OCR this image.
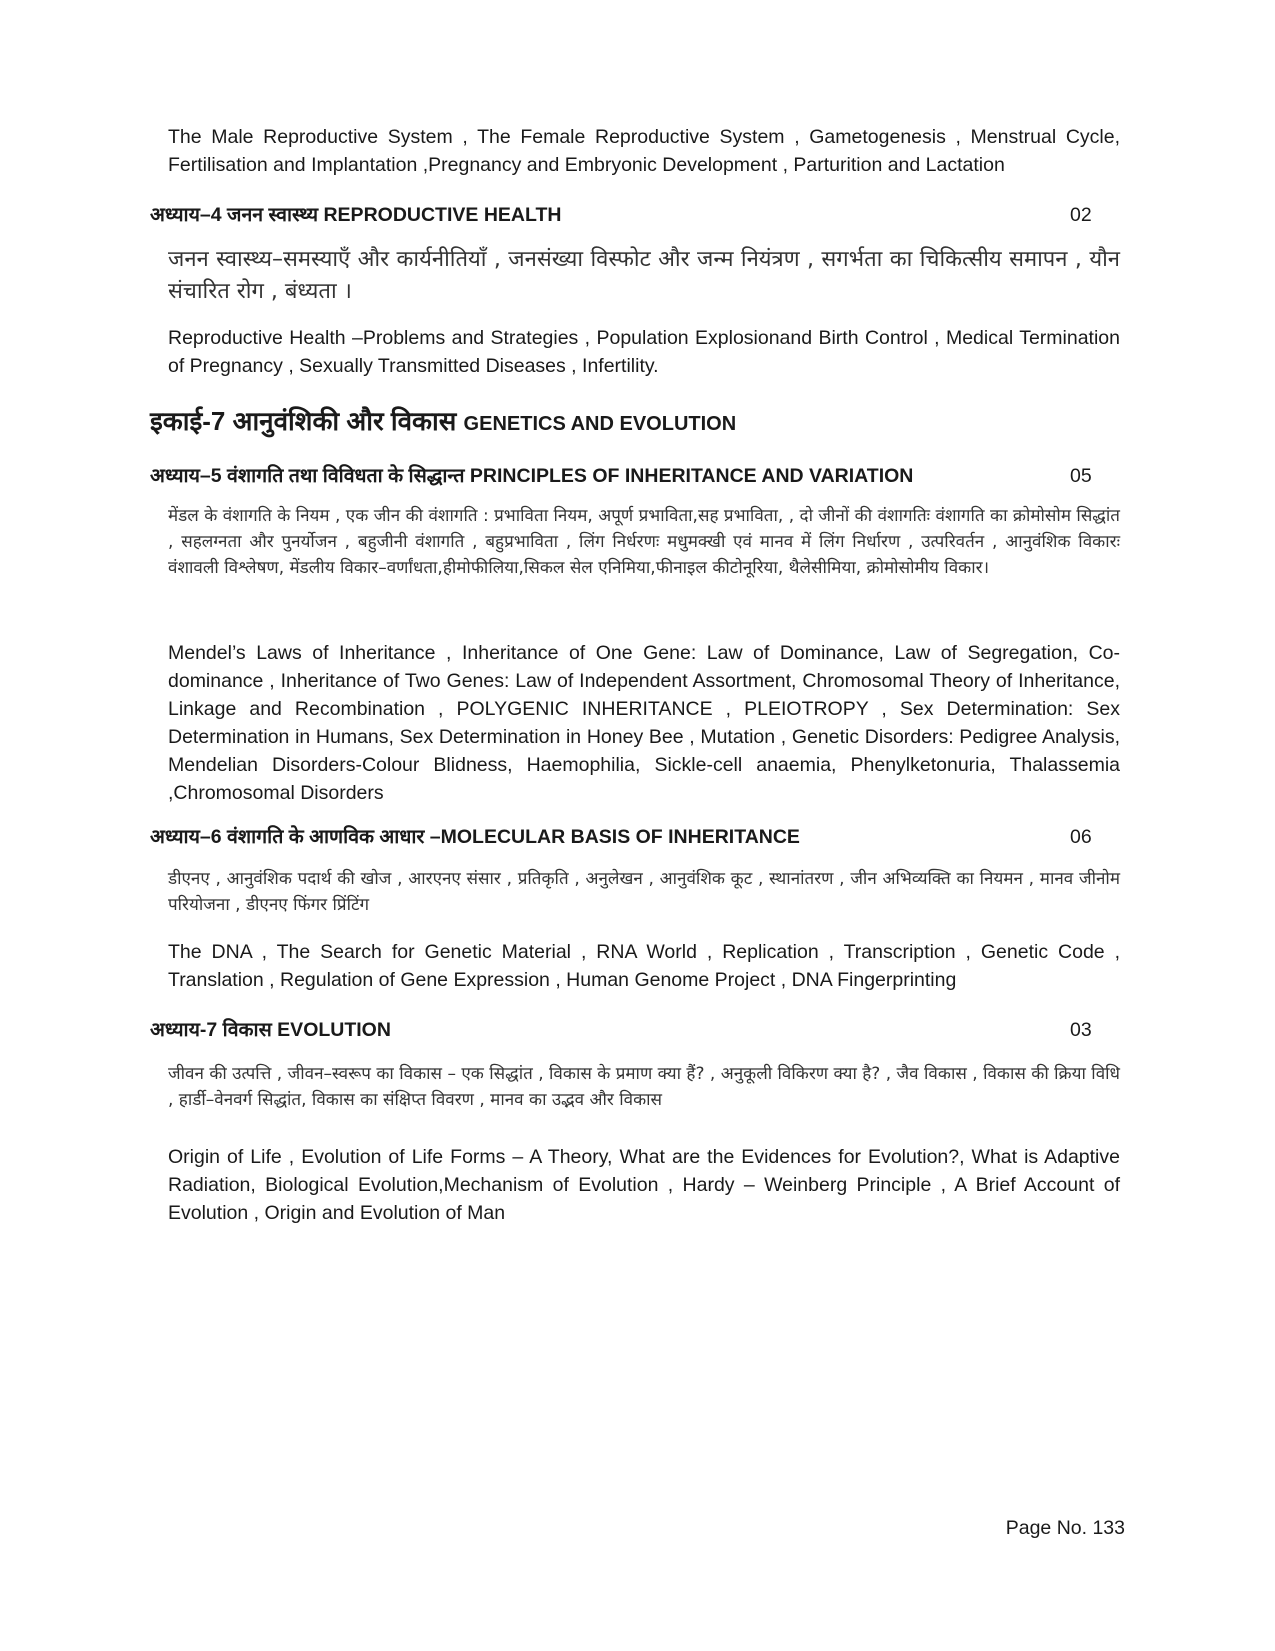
The Male Reproductive System , The Female Reproductive System , Gametogenesis , Menstrual Cycle, Fertilisation and Implantation ,Pregnancy and Embryonic Development , Parturition and Lactation

अध्याय–4 जनन स्वास्थ्य REPRODUCTIVE HEALTH	02

जनन स्वास्थ्य–समस्याएँ और कार्यनीतियाँ , जनसंख्या विस्फोट और जन्म नियंत्रण , सगर्भता का चिकित्सीय समापन , यौन संचारित रोग , बंध्यता ।

Reproductive Health –Problems and Strategies , Population Explosionand Birth Control , Medical Termination of Pregnancy , Sexually Transmitted Diseases , Infertility.

इकाई-7 आनुवंशिकी और विकास GENETICS AND EVOLUTION
अध्याय–5 वंशागति तथा विविधता के सिद्धान्त PRINCIPLES OF INHERITANCE AND VARIATION	05

मेंडल के वंशागति के नियम , एक जीन की वंशागति : प्रभाविता नियम, अपूर्ण प्रभाविता,सह प्रभाविता, , दो जीनों की वंशागतिः वंशागति का क्रोमोसोम सिद्धांत , सहलग्नता और पुनर्योजन , बहुजीनी वंशागति , बहुप्रभाविता , लिंग निर्धरणः मधुमक्खी एवं मानव में लिंग निर्धारण , उत्परिवर्तन , आनुवंशिक विकारः वंशावली विश्लेषण, मेंडलीय विकार–वर्णांधता,हीमोफीलिया,सिकल सेल एनिमिया,फीनाइल कीटोनूरिया, थैलेसीमिया, क्रोमोसोमीय विकार।

Mendel’s Laws of Inheritance , Inheritance of One Gene: Law of Dominance, Law of Segregation, Co-dominance , Inheritance of Two Genes: Law of Independent Assortment, Chromosomal Theory of Inheritance, Linkage and Recombination , POLYGENIC INHERITANCE , PLEIOTROPY , Sex Determination: Sex Determination in Humans, Sex Determination in Honey Bee , Mutation , Genetic Disorders: Pedigree Analysis, Mendelian Disorders-Colour Blidness, Haemophilia, Sickle-cell anaemia, Phenylketonuria, Thalassemia ,Chromosomal Disorders

अध्याय–6 वंशागति के आणविक आधार –MOLECULAR BASIS OF INHERITANCE	06

डीएनए , आनुवंशिक पदार्थ की खोज , आरएनए संसार , प्रतिकृति , अनुलेखन , आनुवंशिक कूट , स्थानांतरण , जीन अभिव्यक्ति का नियमन , मानव जीनोम परियोजना , डीएनए फिंगर प्रिंटिंग

The DNA , The Search for Genetic Material , RNA World , Replication , Transcription , Genetic Code , Translation , Regulation of Gene Expression , Human Genome Project , DNA Fingerprinting

अध्याय-7 विकास EVOLUTION	03

जीवन की उत्पत्ति , जीवन–स्वरूप का विकास – एक सिद्धांत , विकास के प्रमाण क्या हैं? , अनुकूली विकिरण क्या है? , जैव विकास , विकास की क्रिया विधि , हार्डी–वेनवर्ग सिद्धांत, विकास का संक्षिप्त विवरण , मानव का उद्भव और विकास

Origin of Life , Evolution of Life Forms – A Theory, What are the Evidences for Evolution?, What is Adaptive Radiation, Biological Evolution,Mechanism of Evolution , Hardy – Weinberg Principle , A Brief Account of Evolution , Origin and Evolution of Man

Page No. 133
